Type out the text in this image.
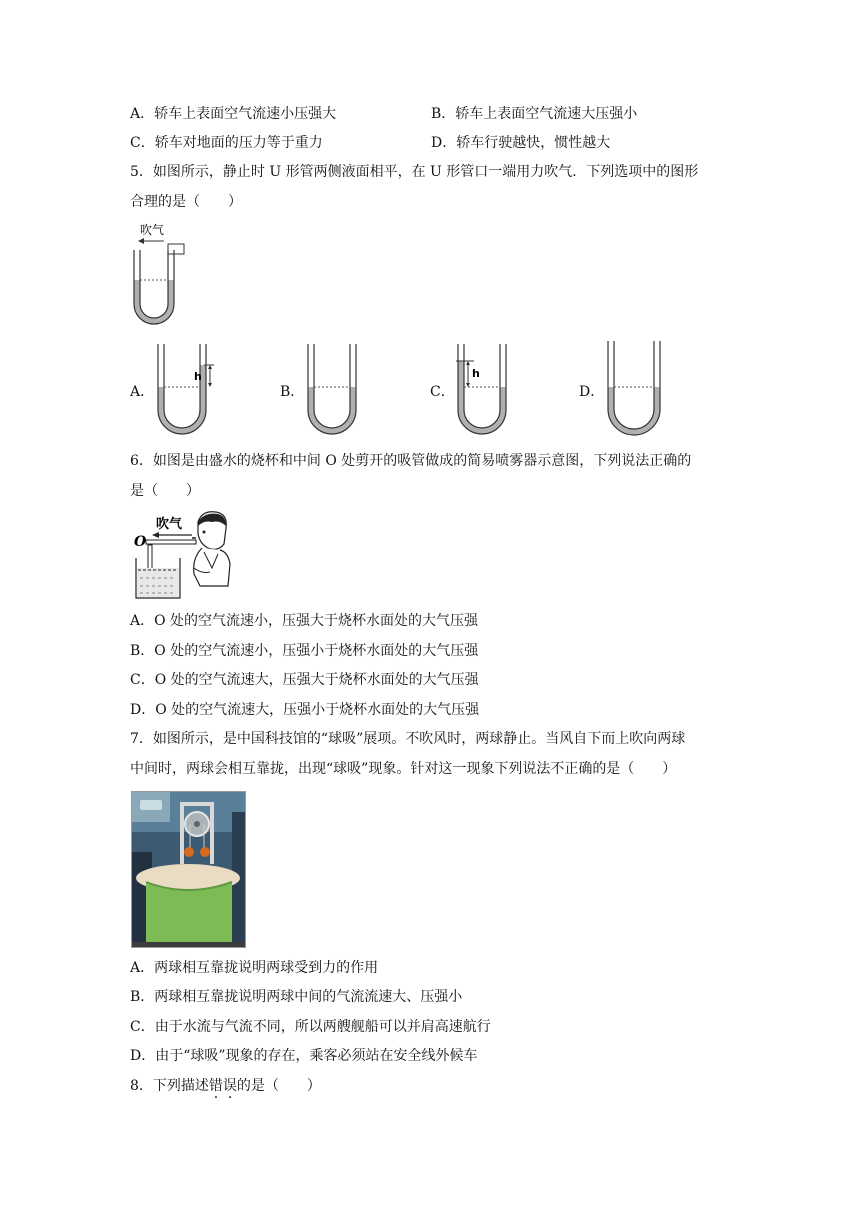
A．轿车上表面空气流速小压强大	B．轿车上表面空气流速大压强小
C．轿车对地面的压力等于重力	D．轿车行驶越快，惯性越大
5．如图所示，静止时 U 形管两侧液面相平，在 U 形管口一端用力吹气．下列选项中的图形
合理的是（　　）
吹气
A．	B．	C．	D．
h	h
6．如图是由盛水的烧杯和中间 O 处剪开的吸管做成的简易喷雾器示意图，下列说法正确的
是（　　）
吹气
O
A．O 处的空气流速小，压强大于烧杯水面处的大气压强
B．O 处的空气流速小，压强小于烧杯水面处的大气压强
C．O 处的空气流速大，压强大于烧杯水面处的大气压强
D．O 处的空气流速大，压强小于烧杯水面处的大气压强
7．如图所示，是中国科技馆的“球吸”展项。不吹风时，两球静止。当风自下而上吹向两球
中间时，两球会相互靠拢，出现“球吸”现象。针对这一现象下列说法不正确的是（　　）
A．两球相互靠拢说明两球受到力的作用
B．两球相互靠拢说明两球中间的气流流速大、压强小
C．由于水流与气流不同，所以两艘舰船可以并肩高速航行
D．由于“球吸”现象的存在，乘客必须站在安全线外候车
8．下列描述错误的是（　　）
